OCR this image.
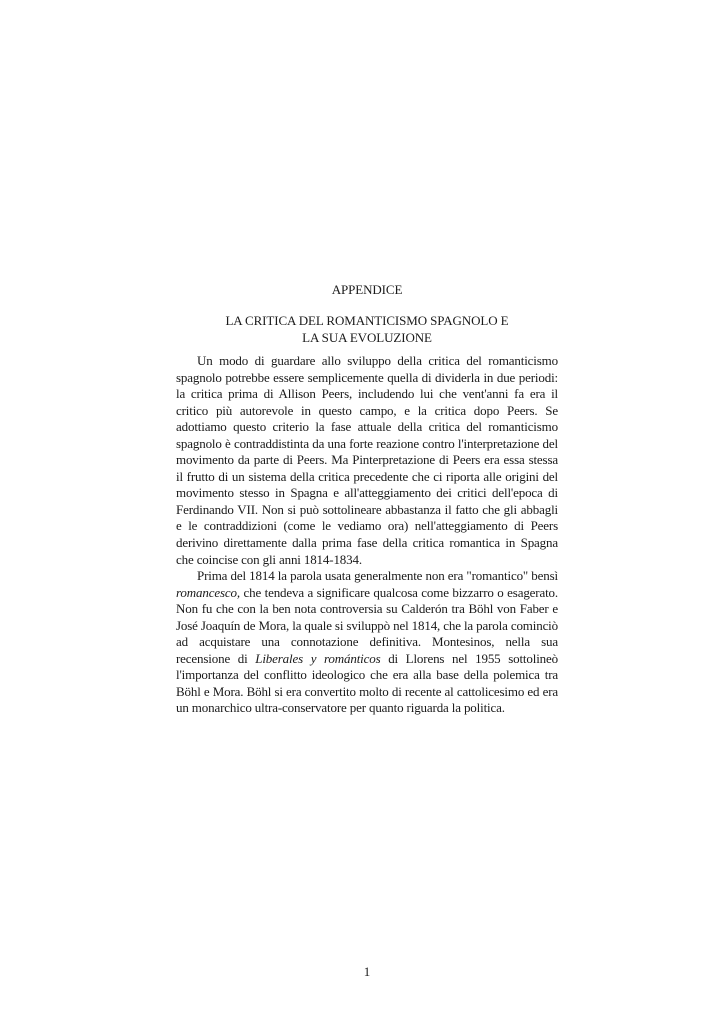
APPENDICE
LA CRITICA DEL ROMANTICISMO SPAGNOLO E
LA SUA EVOLUZIONE

Un modo di guardare allo sviluppo della critica del romanticismo spagnolo potrebbe essere semplicemente quella di dividerla in due periodi: la critica prima di Allison Peers, includendo lui che vent'anni fa era il critico più autorevole in questo campo, e la critica dopo Peers. Se adottiamo questo criterio la fase attuale della critica del romanticismo spagnolo è contraddistinta da una forte reazione contro l'interpretazione del movimento da parte di Peers. Ma Pinterpretazione di Peers era essa stessa il frutto di un sistema della critica precedente che ci riporta alle origini del movimento stesso in Spagna e all'atteggiamento dei critici dell'epoca di Ferdinando VII. Non si può sottolineare abbastanza il fatto che gli abbagli e le contraddizioni (come le vediamo ora) nell'atteggiamento di Peers derivino direttamente dalla prima fase della critica romantica in Spagna che coincise con gli anni 1814-1834.

Prima del 1814 la parola usata generalmente non era "romantico" bensì romancesco, che tendeva a significare qualcosa come bizzarro o esagerato. Non fu che con la ben nota controversia su Calderón tra Böhl von Faber e José Joaquín de Mora, la quale si sviluppò nel 1814, che la parola cominciò ad acquistare una connotazione definitiva. Montesinos, nella sua recensione di Liberales y románticos di Llorens nel 1955 sottolineò l'importanza del conflitto ideologico che era alla base della polemica tra Böhl e Mora. Böhl si era convertito molto di recente al cattolicesimo ed era un monarchico ultra-conservatore per quanto riguarda la politica.

1
